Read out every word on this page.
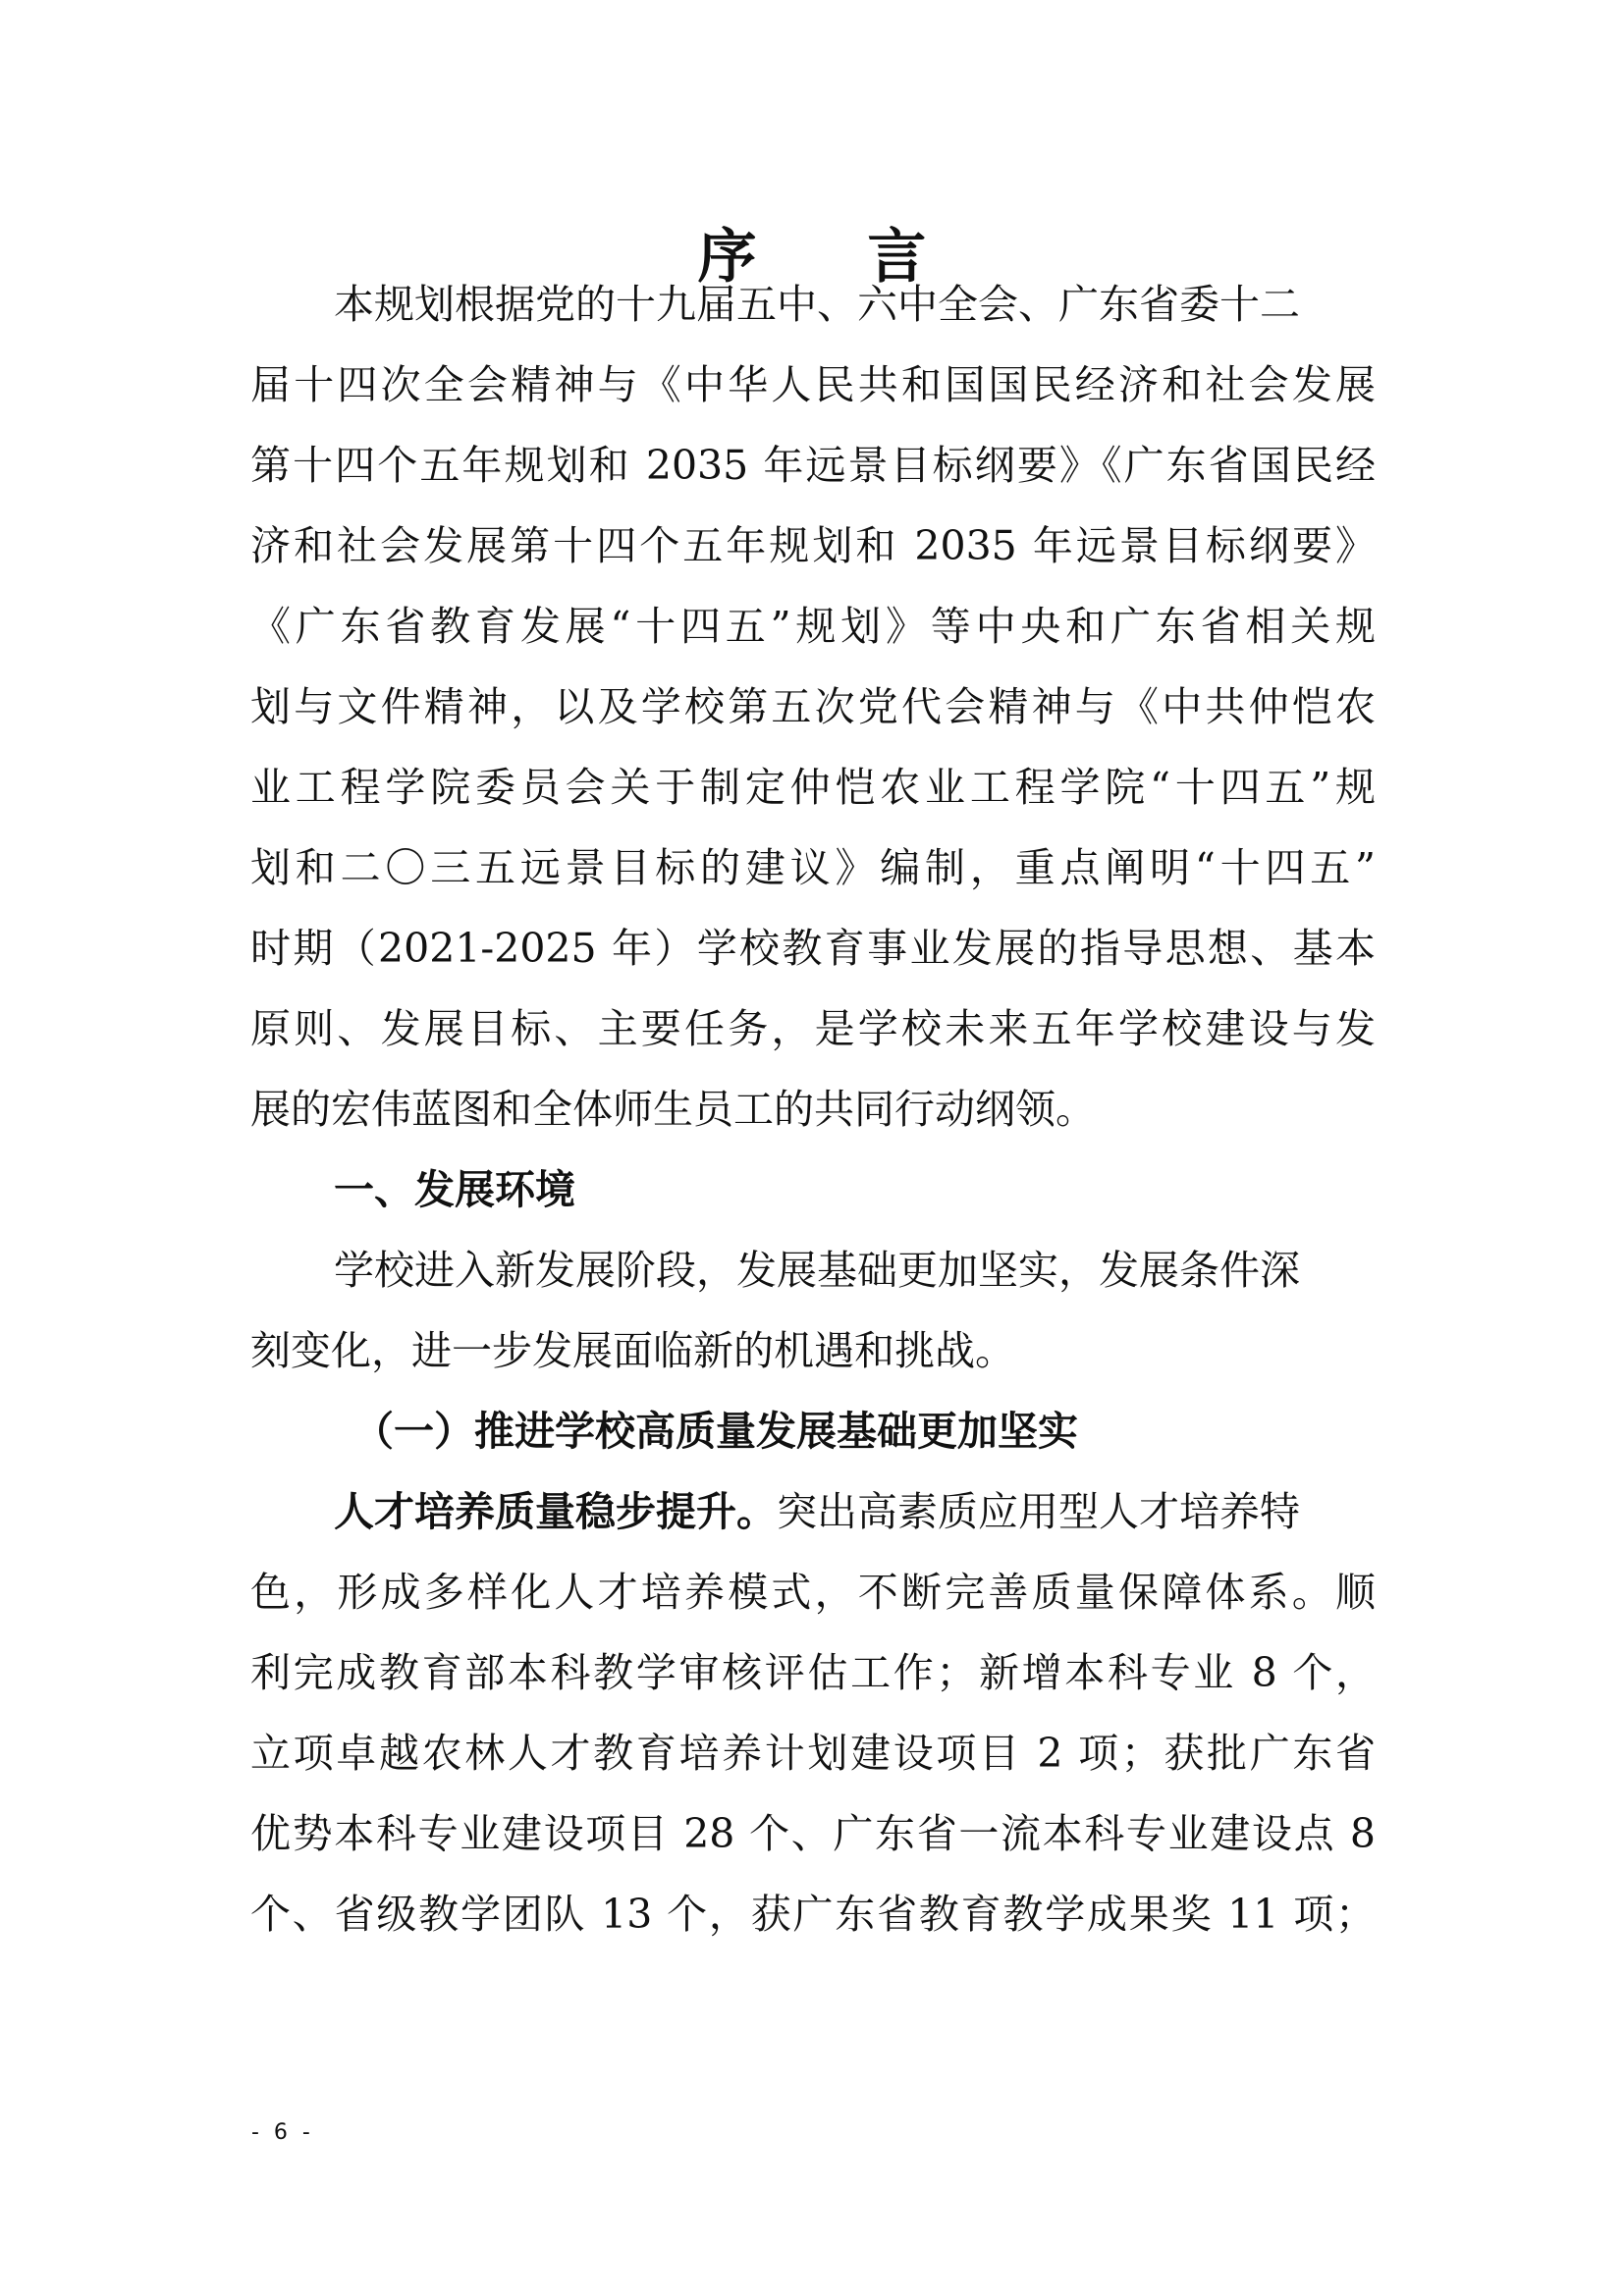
序 言
本规划根据党的十九届五中、六中全会、广东省委十二
届十四次全会精神与《中华人民共和国国民经济和社会发展
第十四个五年规划和 2035 年远景目标纲要》《广东省国民经
济和社会发展第十四个五年规划和 2035 年远景目标纲要》
《广东省教育发展“十四五”规划》等中央和广东省相关规
划与文件精神，以及学校第五次党代会精神与《中共仲恺农
业工程学院委员会关于制定仲恺农业工程学院“十四五”规
划和二〇三五远景目标的建议》编制，重点阐明“十四五”
时期（2021-2025 年）学校教育事业发展的指导思想、基本
原则、发展目标、主要任务，是学校未来五年学校建设与发
展的宏伟蓝图和全体师生员工的共同行动纲领。
一、发展环境
学校进入新发展阶段，发展基础更加坚实，发展条件深
刻变化，进一步发展面临新的机遇和挑战。
（一）推进学校高质量发展基础更加坚实
人才培养质量稳步提升。突出高素质应用型人才培养特
色，形成多样化人才培养模式，不断完善质量保障体系。顺
利完成教育部本科教学审核评估工作；新增本科专业 8 个，
立项卓越农林人才教育培养计划建设项目 2 项；获批广东省
优势本科专业建设项目 28 个、广东省一流本科专业建设点 8
个、省级教学团队 13 个，获广东省教育教学成果奖 11 项；
- 6 -
